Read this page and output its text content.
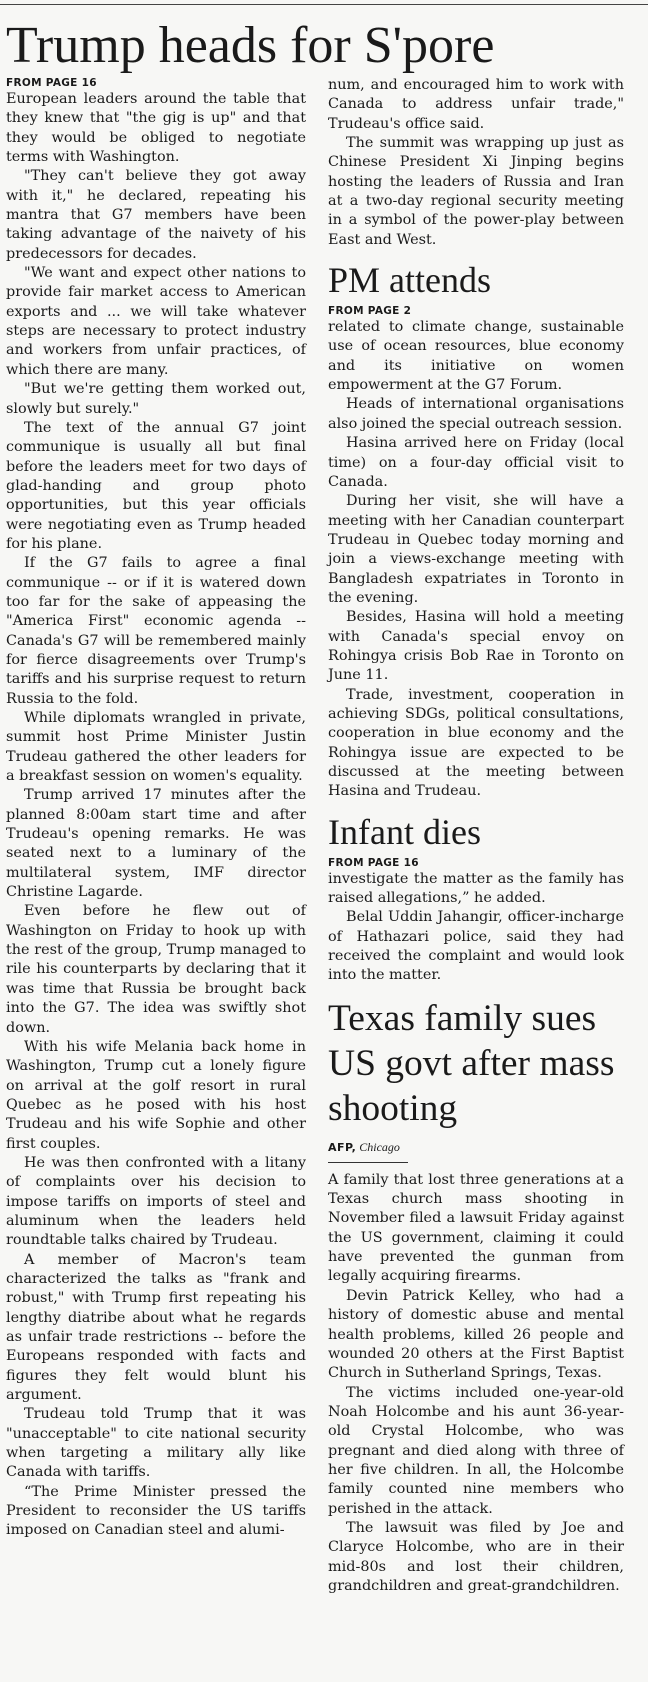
Trump heads for S'pore

FROM PAGE 16

European leaders around the table that they knew that "the gig is up" and that they would be obliged to negotiate terms with Washington.

"They can't believe they got away with it," he declared, repeating his mantra that G7 members have been taking advantage of the naivety of his predecessors for decades.

"We want and expect other nations to provide fair market access to American exports and ... we will take whatever steps are necessary to protect industry and workers from unfair practices, of which there are many.

"But we're getting them worked out, slowly but surely."

The text of the annual G7 joint communique is usually all but final before the leaders meet for two days of glad-handing and group photo opportunities, but this year officials were negotiating even as Trump headed for his plane.

If the G7 fails to agree a final communique -- or if it is watered down too far for the sake of appeasing the "America First" economic agenda -- Canada's G7 will be remembered mainly for fierce disagreements over Trump's tariffs and his surprise request to return Russia to the fold.

While diplomats wrangled in private, summit host Prime Minister Justin Trudeau gathered the other leaders for a breakfast session on women's equality.

Trump arrived 17 minutes after the planned 8:00am start time and after Trudeau's opening remarks. He was seated next to a luminary of the multilateral system, IMF director Christine Lagarde.

Even before he flew out of Washington on Friday to hook up with the rest of the group, Trump managed to rile his counterparts by declaring that it was time that Russia be brought back into the G7. The idea was swiftly shot down.

With his wife Melania back home in Washington, Trump cut a lonely figure on arrival at the golf resort in rural Quebec as he posed with his host Trudeau and his wife Sophie and other first couples.

He was then confronted with a litany of complaints over his decision to impose tariffs on imports of steel and aluminum when the leaders held roundtable talks chaired by Trudeau.

A member of Macron's team characterized the talks as "frank and robust," with Trump first repeating his lengthy diatribe about what he regards as unfair trade restrictions -- before the Europeans responded with facts and figures they felt would blunt his argument.

Trudeau told Trump that it was "unacceptable" to cite national security when targeting a military ally like Canada with tariffs.

“The Prime Minister pressed the President to reconsider the US tariffs imposed on Canadian steel and alumi-

num, and encouraged him to work with Canada to address unfair trade," Trudeau's office said.

The summit was wrapping up just as Chinese President Xi Jinping begins hosting the leaders of Russia and Iran at a two-day regional security meeting in a symbol of the power-play between East and West.

PM attends

FROM PAGE 2

related to climate change, sustainable use of ocean resources, blue economy and its initiative on women empowerment at the G7 Forum.

Heads of international organisations also joined the special outreach session.

Hasina arrived here on Friday (local time) on a four-day official visit to Canada.

During her visit, she will have a meeting with her Canadian counterpart Trudeau in Quebec today morning and join a views-exchange meeting with Bangladesh expatriates in Toronto in the evening.

Besides, Hasina will hold a meeting with Canada's special envoy on Rohingya crisis Bob Rae in Toronto on June 11.

Trade, investment, cooperation in achieving SDGs, political consultations, cooperation in blue economy and the Rohingya issue are expected to be discussed at the meeting between Hasina and Trudeau.

Infant dies

FROM PAGE 16

investigate the matter as the family has raised allegations,” he added.

Belal Uddin Jahangir, officer-incharge of Hathazari police, said they had received the complaint and would look into the matter.

Texas family sues US govt after mass shooting

AFP, Chicago

A family that lost three generations at a Texas church mass shooting in November filed a lawsuit Friday against the US government, claiming it could have prevented the gunman from legally acquiring firearms.

Devin Patrick Kelley, who had a history of domestic abuse and mental health problems, killed 26 people and wounded 20 others at the First Baptist Church in Sutherland Springs, Texas.

The victims included one-year-old Noah Holcombe and his aunt 36-year-old Crystal Holcombe, who was pregnant and died along with three of her five children. In all, the Holcombe family counted nine members who perished in the attack.

The lawsuit was filed by Joe and Claryce Holcombe, who are in their mid-80s and lost their children, grandchildren and great-grandchildren.
